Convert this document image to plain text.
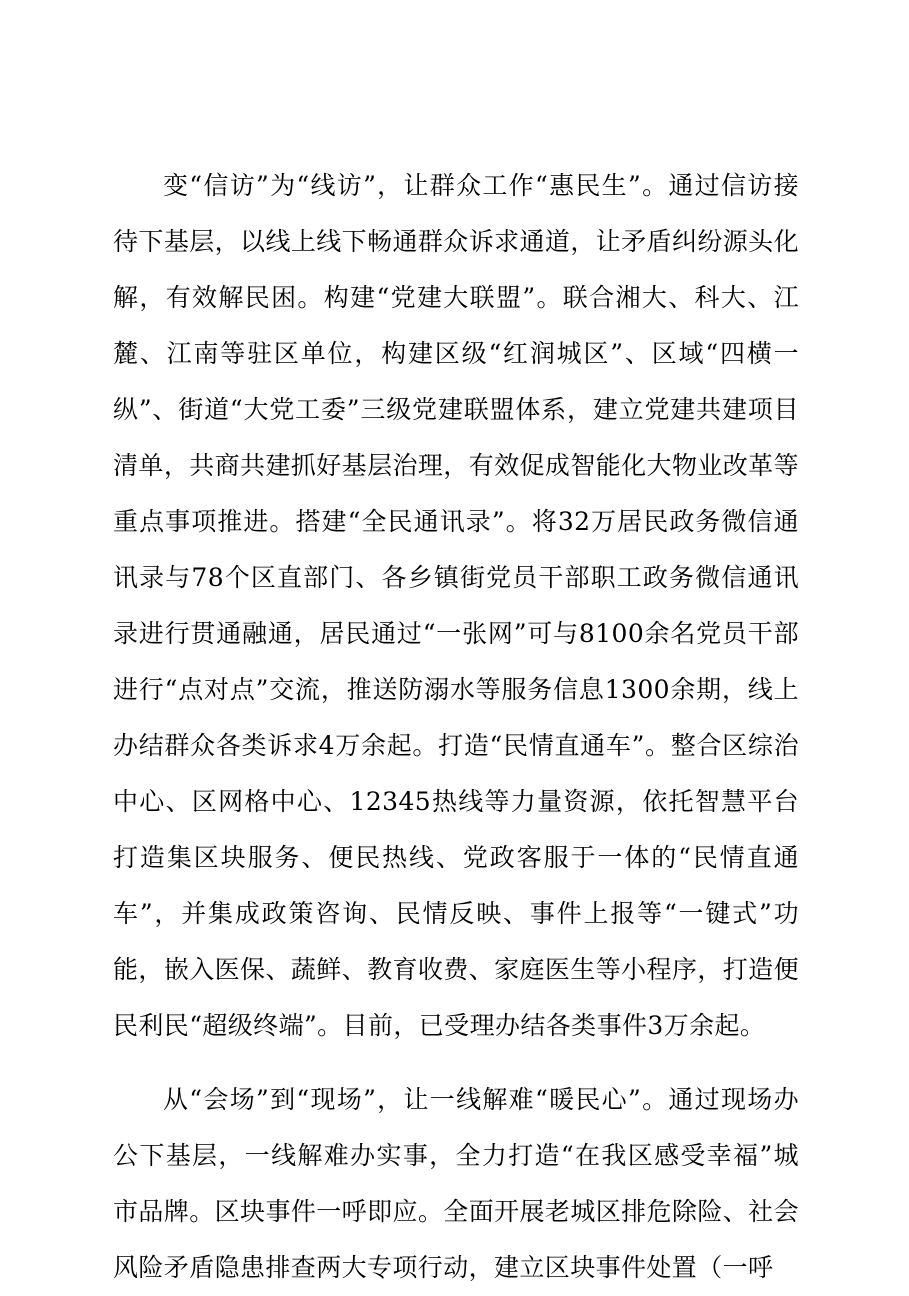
变“信访”为“线访”，让群众工作“惠民生”。通过信访接待下基层，以线上线下畅通群众诉求通道，让矛盾纠纷源头化解，有效解民困。构建“党建大联盟”。联合湘大、科大、江麓、江南等驻区单位，构建区级“红润城区”、区域“四横一纵”、街道“大党工委”三级党建联盟体系，建立党建共建项目清单，共商共建抓好基层治理，有效促成智能化大物业改革等重点事项推进。搭建“全民通讯录”。将32万居民政务微信通讯录与78个区直部门、各乡镇街党员干部职工政务微信通讯录进行贯通融通，居民通过“一张网”可与8100余名党员干部进行“点对点”交流，推送防溺水等服务信息1300余期，线上办结群众各类诉求4万余起。打造“民情直通车”。整合区综治中心、区网格中心、12345热线等力量资源，依托智慧平台打造集区块服务、便民热线、党政客服于一体的“民情直通车”，并集成政策咨询、民情反映、事件上报等“一键式”功能，嵌入医保、蔬鲜、教育收费、家庭医生等小程序，打造便民利民“超级终端”。目前，已受理办结各类事件3万余起。

从“会场”到“现场”，让一线解难“暖民心”。通过现场办公下基层，一线解难办实事，全力打造“在我区感受幸福”城市品牌。区块事件一呼即应。全面开展老城区排危除险、社会风险矛盾隐患排查两大专项行动，建立区块事件处置（一呼
